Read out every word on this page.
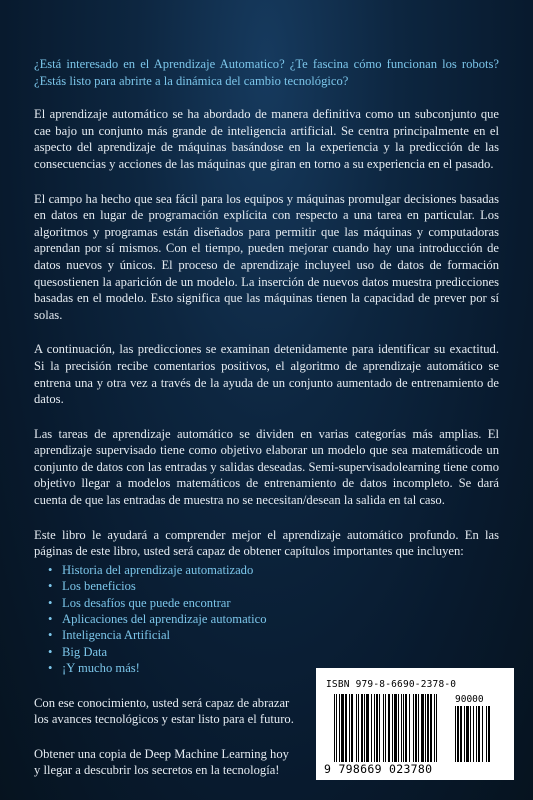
¿Está interesado en el Aprendizaje Automatico? ¿Te fascina cómo funcionan los robots? ¿Estás listo para abrirte a la dinámica del cambio tecnológico?

El aprendizaje automático se ha abordado de manera definitiva como un subconjunto que cae bajo un conjunto más grande de inteligencia artificial. Se centra principalmente en el aspecto del aprendizaje de máquinas basándose en la experiencia y la predicción de las consecuencias y acciones de las máquinas que giran en torno a su experiencia en el pasado.

El campo ha hecho que sea fácil para los equipos y máquinas promulgar decisiones basadas en datos en lugar de programación explícita con respecto a una tarea en particular. Los algoritmos y programas están diseñados para permitir que las máquinas y computadoras aprendan por sí mismos. Con el tiempo, pueden mejorar cuando hay una introducción de datos nuevos y únicos. El proceso de aprendizaje incluyeel uso de datos de formación quesostienen la aparición de un modelo. La inserción de nuevos datos muestra predicciones basadas en el modelo. Esto significa que las máquinas tienen la capacidad de prever por sí solas.

A continuación, las predicciones se examinan detenidamente para identificar su exactitud. Si la precisión recibe comentarios positivos, el algoritmo de aprendizaje automático se entrena una y otra vez a través de la ayuda de un conjunto aumentado de entrenamiento de datos.

Las tareas de aprendizaje automático se dividen en varias categorías más amplias. El aprendizaje supervisado tiene como objetivo elaborar un modelo que sea matemáticode un conjunto de datos con las entradas y salidas deseadas. Semi-supervisadolearning tiene como objetivo llegar a modelos matemáticos de entrenamiento de datos incompleto. Se dará cuenta de que las entradas de muestra no se necesitan/desean la salida en tal caso.

Este libro le ayudará a comprender mejor el aprendizaje automático profundo. En las páginas de este libro, usted será capaz de obtener capítulos importantes que incluyen:

• Historia del aprendizaje automatizado
• Los beneficios
• Los desafíos que puede encontrar
• Aplicaciones del aprendizaje automatico
• Inteligencia Artificial
• Big Data
• ¡Y mucho más!

Con ese conocimiento, usted será capaz de abrazar los avances tecnológicos y estar listo para el futuro.

Obtener una copia de Deep Machine Learning hoy y llegar a descubrir los secretos en la tecnología!

ISBN 979-8-6690-2378-0
90000
9 798669 023780
